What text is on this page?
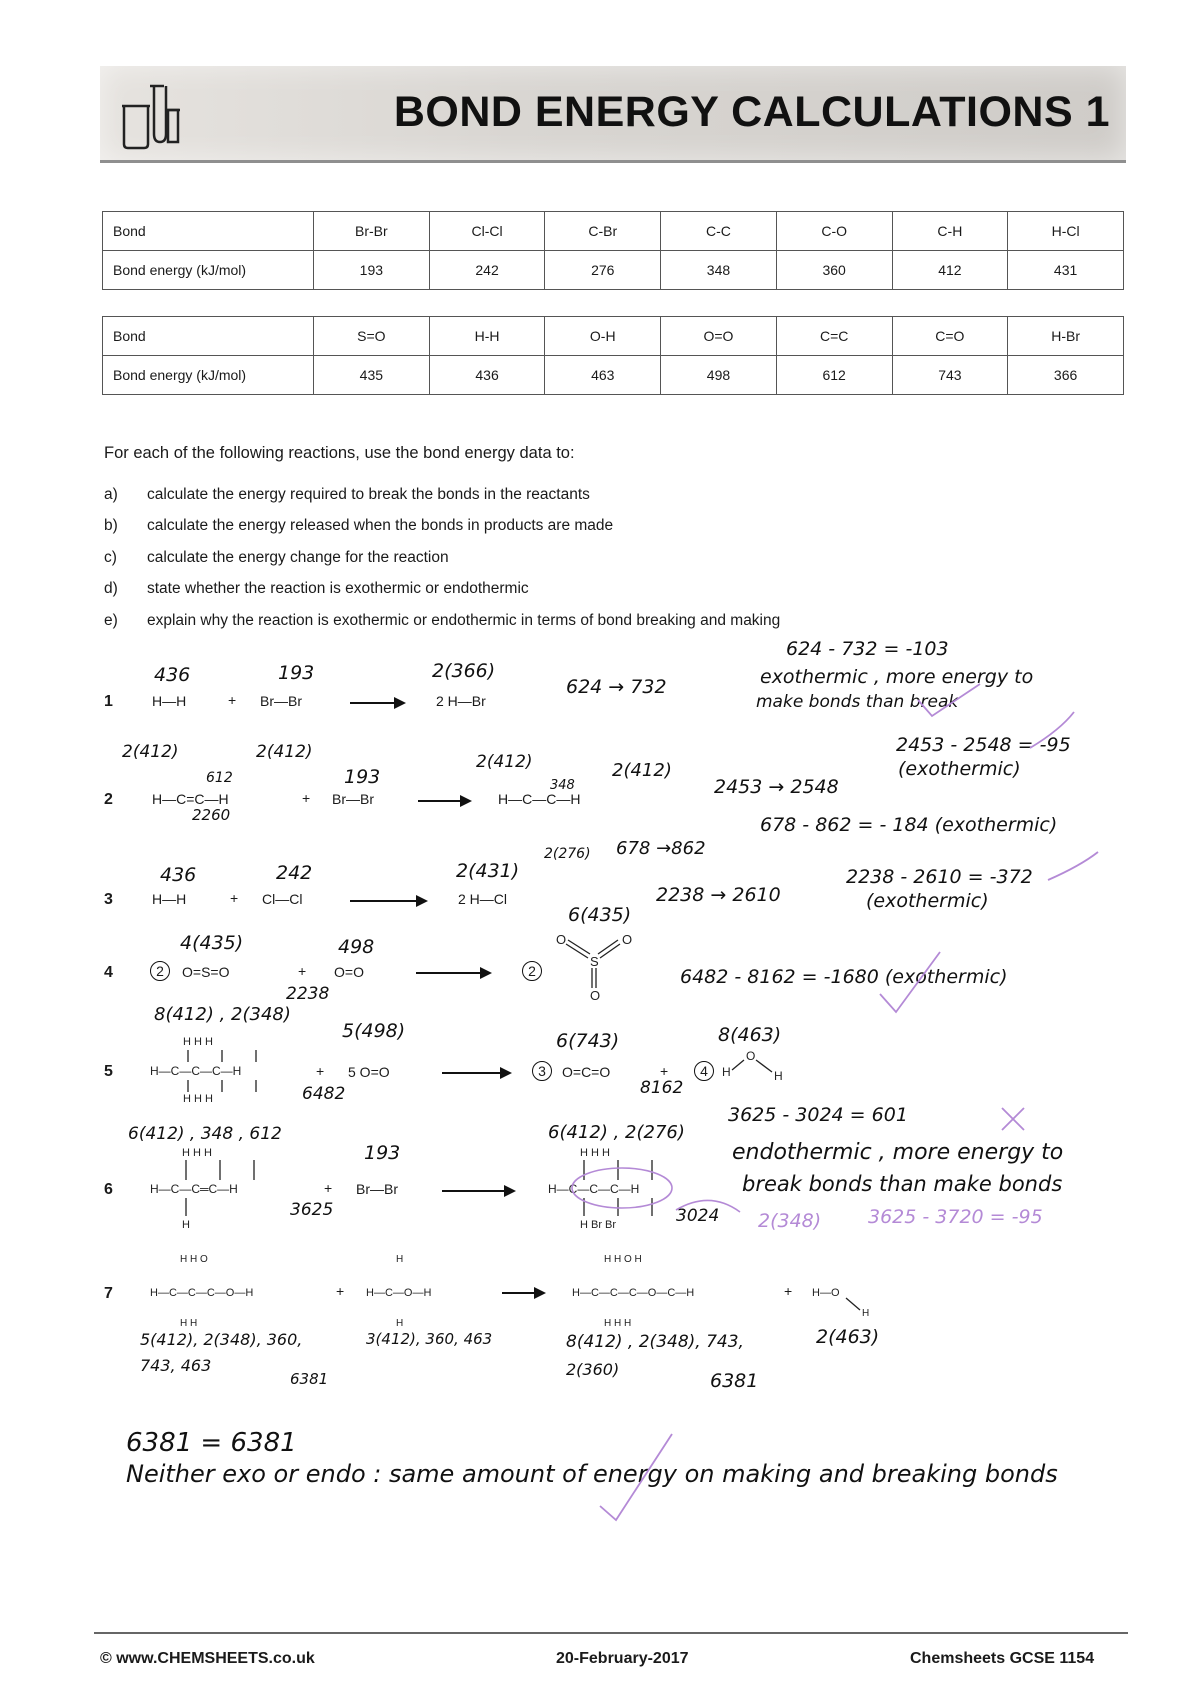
BOND ENERGY CALCULATIONS 1
Bond	Br-Br	Cl-Cl	C-Br	C-C	C-O	C-H	H-Cl
Bond energy (kJ/mol)	193	242	276	348	360	412	431
Bond	S=O	H-H	O-H	O=O	C=C	C=O	H-Br
Bond energy (kJ/mol)	435	436	463	498	612	743	366
For each of the following reactions, use the bond energy data to:
a)	calculate the energy required to break the bonds in the reactants
b)	calculate the energy released when the bonds in products are made
c)	calculate the energy change for the reaction
d)	state whether the reaction is exothermic or endothermic
e)	explain why the reaction is exothermic or endothermic in terms of bond breaking and making
1	H—H	+ Br—Br	2 H—Br
436	193	2(366)
624 → 732
624 - 732 = -103
exothermic , more energy to
make bonds than break
2	H—C=C—H	+ Br—Br	H—C—C—H
2(412)	2(412)
612
2260
193
2(412)
348
2(412)
2(276) 678 →862
2453 → 2548
2453 - 2548 = -95
(exothermic)
678 - 862 = - 184 (exothermic)
3	H—H	+ Cl—Cl	2 H—Cl
436	242	2(431)
2238 → 2610
2238 - 2610 = -372
(exothermic)
4	2	O=S=O	+ O=O	2
4(435)	498
2238
6(435)
6482 - 8162 = -1680 (exothermic)
5	+ 5 O=O	3	O=C=O	+	4
8(412) , 2(348)
5(498)
6482
6(743)	8(463)
8162
6	+ Br—Br
6(412) , 348 , 612
193
3625
6(412) , 2(276)
3024
3625 - 3024 = 601
endothermic , more energy to
break bonds than make bonds
2(348) 3625 - 3720 = -95
7	+	+
5(412), 2(348), 360,
743, 463
3(412), 360, 463
6381
8(412) , 2(348), 743,
2(360)
6381
2(463)
6381 = 6381
Neither exo or endo : same amount of energy on making and breaking bonds
O	O
S
O
H—C—C—C—H
H H H
H H H
H
O
H
H—C—C═C—H
H H H
H
H—C—C—C—H
H H H
H Br Br
H—C—C—C—O—H
H H O
H H
H—C—O—H
H
H
H—C—C—C—O—C—H
H H O H
H H H
H—O
H
© www.CHEMSHEETS.co.uk	20-February-2017	Chemsheets GCSE 1154
